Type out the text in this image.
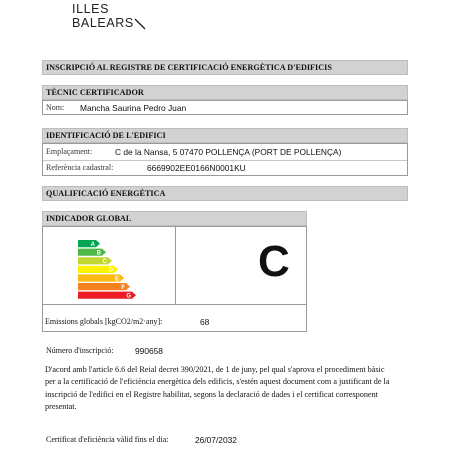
ILLES
BALEARS
INSCRIPCIÓ AL REGISTRE DE CERTIFICACIÓ ENERGÈTICA D'EDIFICIS
TÈCNIC CERTIFICADOR
Nom: Mancha Saurina Pedro Juan
IDENTIFICACIÓ DE L'EDIFICI
Emplaçament:	C de la Nansa, 5 07470 POLLENÇA (PORT DE POLLENÇA)
Referència cadastral:	6669902EE0166N0001KU
QUALIFICACIÓ ENERGÈTICA
INDICADOR GLOBAL
A
B
C
D
E
F
G
C
Emissions globals [kgCO2/m2·any]:	68
Número d'inscripció:	990658
D'acord amb l'article 6.6 del Reial decret 390/2021, de 1 de juny, pel qual s'aprova el procediment bàsic per a la certificació de l'eficiència energètica dels edificis, s'estén aquest document com a justificant de la inscripció de l'edifici en el Registre habilitat, segons la declaració de dades i el certificat corresponent presentat.
Certificat d'eficiència vàlid fins el dia:	26/07/2032
